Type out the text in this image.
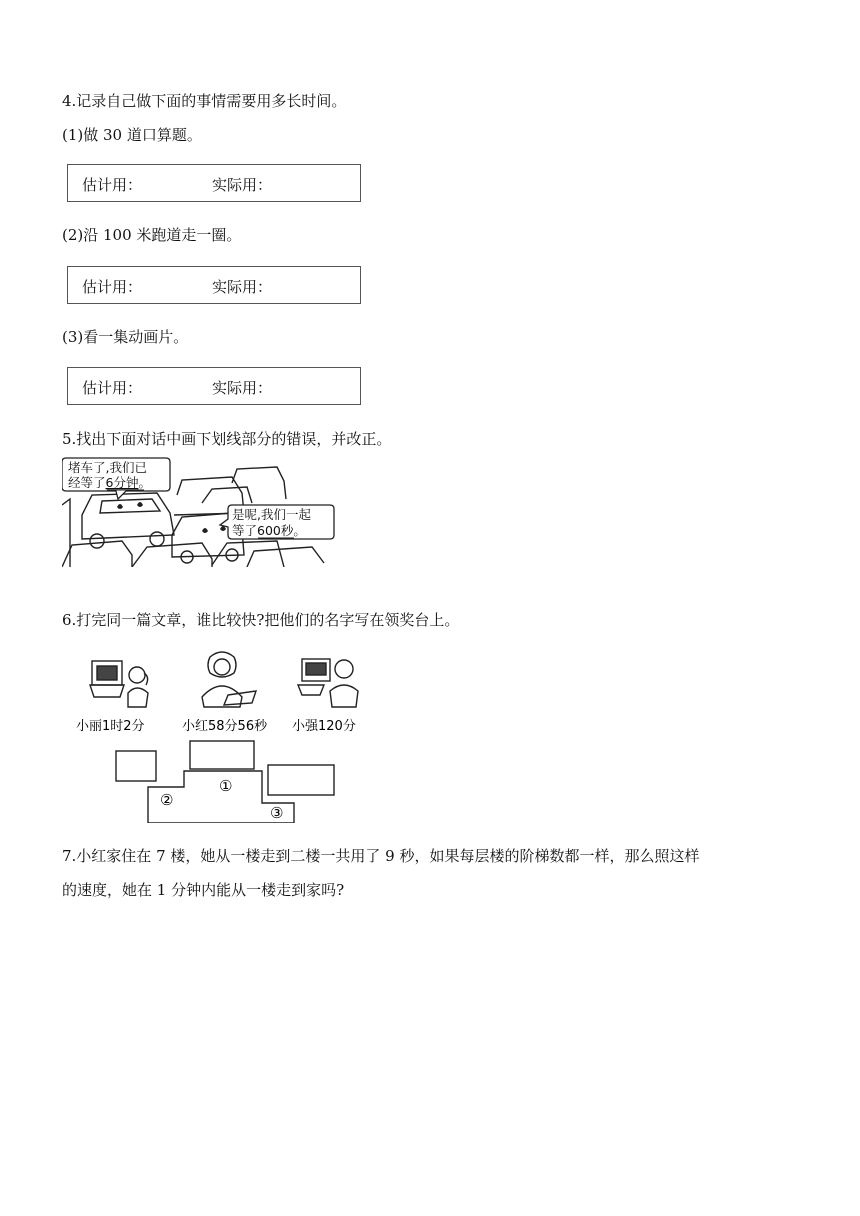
4.记录自己做下面的事情需要用多长时间。
(1)做 30 道口算题。
估计用：	实际用：
(2)沿 100 米跑道走一圈。
估计用：	实际用：
(3)看一集动画片。
估计用：	实际用：
5.找出下面对话中画下划线部分的错误，并改正。
堵车了,我们已
经等了6分钟。
是呢,我们一起
等了600秒。
6.打完同一篇文章，谁比较快?把他们的名字写在领奖台上。
小丽1时2分	小红58分56秒 小强120分
②
①
③
7.小红家住在 7 楼，她从一楼走到二楼一共用了 9 秒，如果每层楼的阶梯数都一样，那么照这样
的速度，她在 1 分钟内能从一楼走到家吗?
